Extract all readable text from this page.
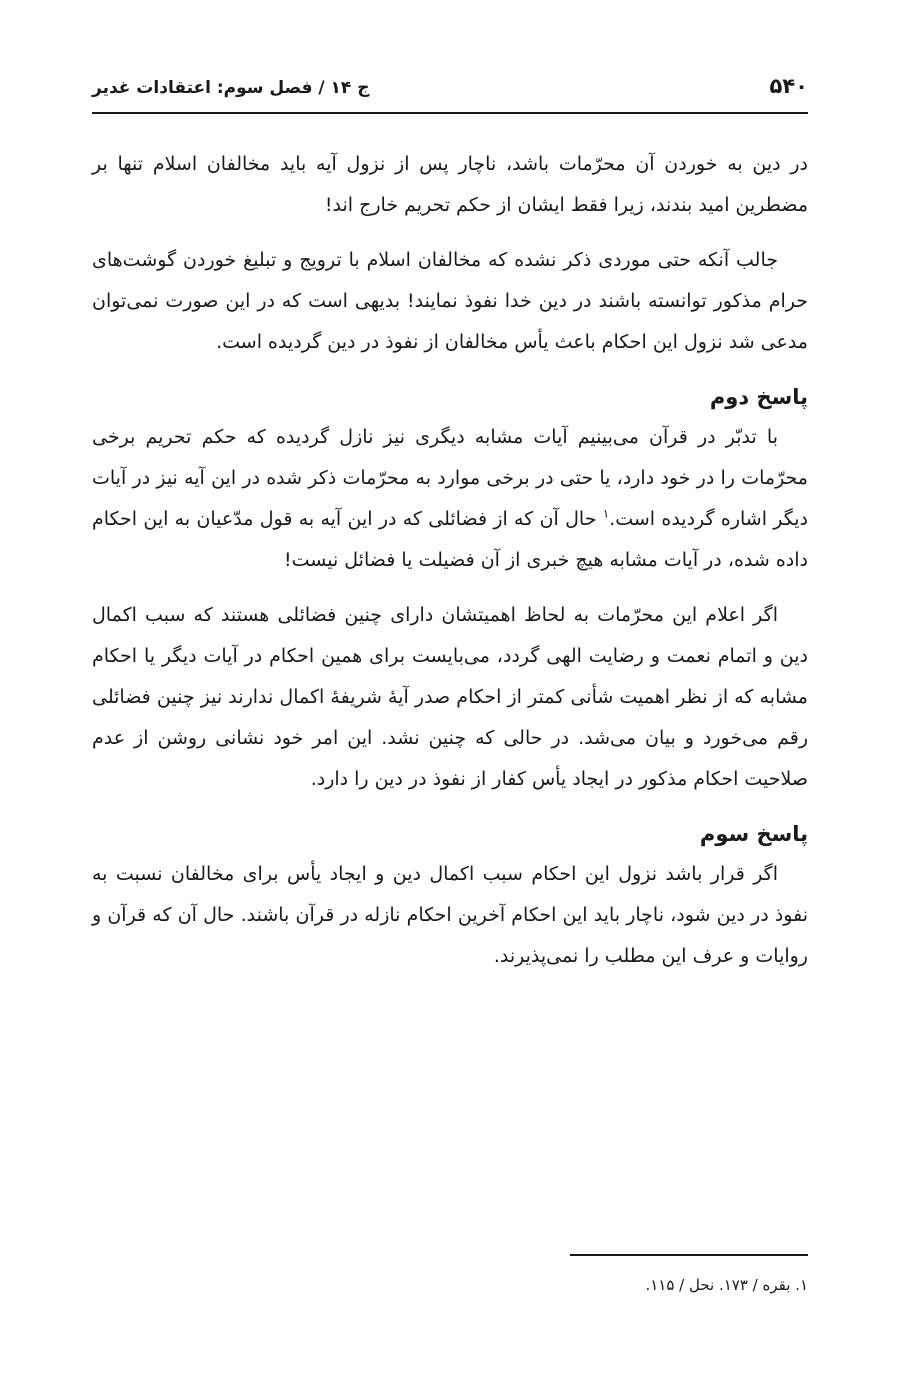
۵۴۰
ج ۱۴ / فصل سوم: اعتقادات غدیر

در دین به خوردن آن محرّمات باشد، ناچار پس از نزول آیه باید مخالفان اسلام تنها بر مضطرین امید بندند، زیرا فقط ایشان از حکم تحریم خارج اند!

جالب آنکه حتی موردی ذکر نشده که مخالفان اسلام با ترویج و تبلیغ خوردن گوشت‌های حرام مذکور توانسته باشند در دین خدا نفوذ نمایند! بدیهی است که در این صورت نمی‌توان مدعی شد نزول این احکام باعث یأس مخالفان از نفوذ در دین گردیده است.

پاسخ دوم

با تدبّر در قرآن می‌بینیم آیات مشابه دیگری نیز نازل گردیده که حکم تحریم برخی محرّمات را در خود دارد، یا حتی در برخی موارد به محرّمات ذکر شده در این آیه نیز در آیات دیگر اشاره گردیده است.$^۱$ حال آن که از فضائلی که در این آیه به قول مدّعیان به این احکام داده شده، در آیات مشابه هیچ خبری از آن فضیلت یا فضائل نیست!

اگر اعلام این محرّمات به لحاظ اهمیتشان دارای چنین فضائلی هستند که سبب اکمال دین و اتمام نعمت و رضایت الهی گردد، می‌بایست برای همین احکام در آیات دیگر یا احکام مشابه که از نظر اهمیت شأنی کمتر از احکام صدر آیهٔ شریفهٔ اکمال ندارند نیز چنین فضائلی رقم می‌خورد و بیان می‌شد. در حالی که چنین نشد. این امر خود نشانی روشن از عدم صلاحیت احکام مذکور در ایجاد یأس کفار از نفوذ در دین را دارد.

پاسخ سوم

اگر قرار باشد نزول این احکام سبب اکمال دین و ایجاد یأس برای مخالفان نسبت به نفوذ در دین شود، ناچار باید این احکام آخرین احکام نازله در قرآن باشند. حال آن که قرآن و روایات و عرف این مطلب را نمی‌پذیرند.

۱. بقره / ۱۷۳. نحل / ۱۱۵.
